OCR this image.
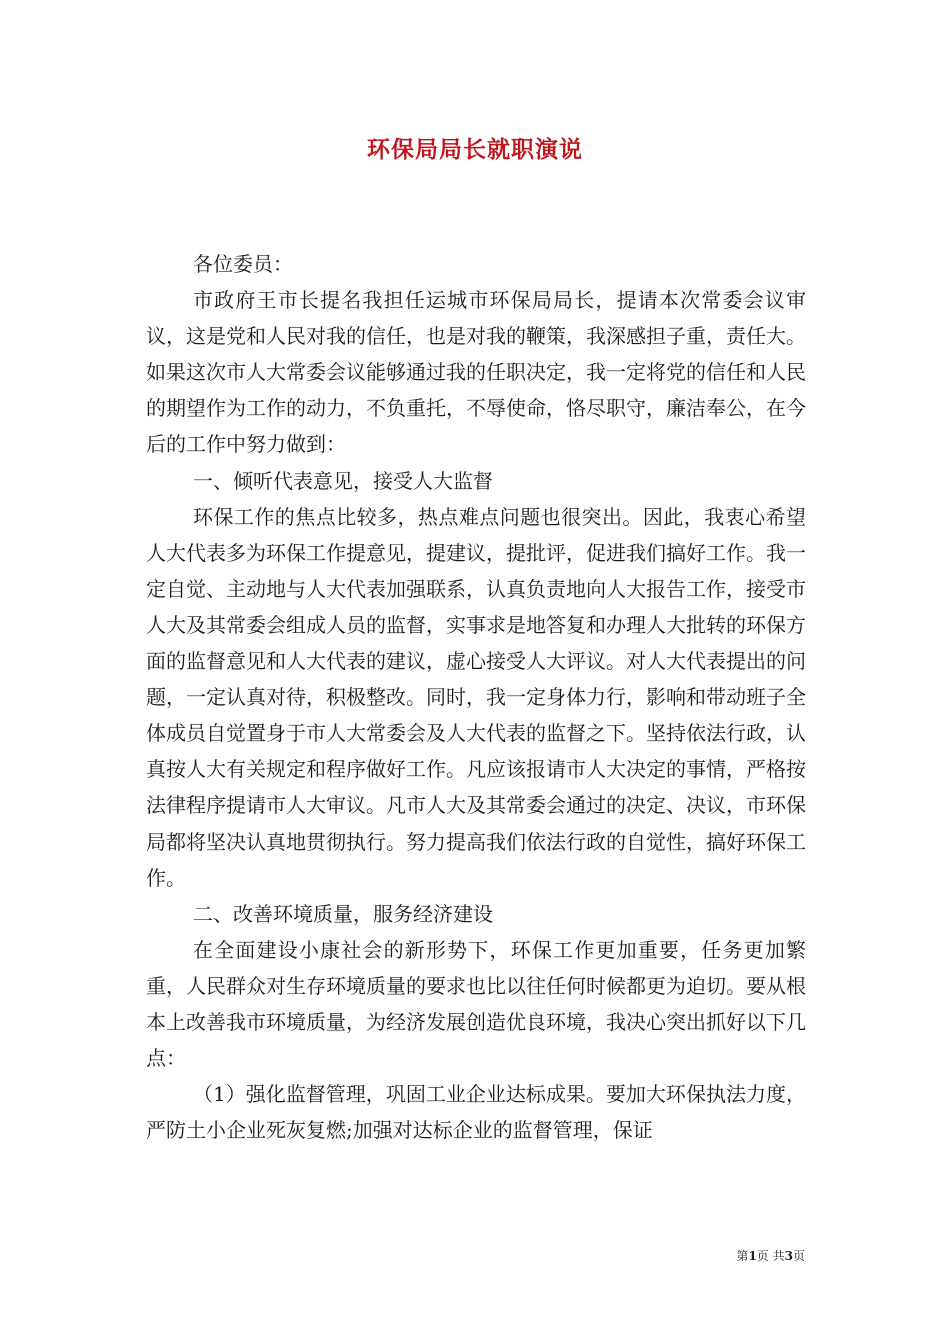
环保局局长就职演说

各位委员：

市政府王市长提名我担任运城市环保局局长，提请本次常委会议审议，这是党和人民对我的信任，也是对我的鞭策，我深感担子重，责任大。如果这次市人大常委会议能够通过我的任职决定，我一定将党的信任和人民的期望作为工作的动力，不负重托，不辱使命，恪尽职守，廉洁奉公，在今后的工作中努力做到：

一、倾听代表意见，接受人大监督

环保工作的焦点比较多，热点难点问题也很突出。因此，我衷心希望人大代表多为环保工作提意见，提建议，提批评，促进我们搞好工作。我一定自觉、主动地与人大代表加强联系，认真负责地向人大报告工作，接受市人大及其常委会组成人员的监督，实事求是地答复和办理人大批转的环保方面的监督意见和人大代表的建议，虚心接受人大评议。对人大代表提出的问题，一定认真对待，积极整改。同时，我一定身体力行，影响和带动班子全体成员自觉置身于市人大常委会及人大代表的监督之下。坚持依法行政，认真按人大有关规定和程序做好工作。凡应该报请市人大决定的事情，严格按法律程序提请市人大审议。凡市人大及其常委会通过的决定、决议，市环保局都将坚决认真地贯彻执行。努力提高我们依法行政的自觉性，搞好环保工作。

二、改善环境质量，服务经济建设

在全面建设小康社会的新形势下，环保工作更加重要，任务更加繁重，人民群众对生存环境质量的要求也比以往任何时候都更为迫切。要从根本上改善我市环境质量，为经济发展创造优良环境，我决心突出抓好以下几点：

（1）强化监督管理，巩固工业企业达标成果。要加大环保执法力度，严防土小企业死灰复燃;加强对达标企业的监督管理，保证

第1页 共3页
